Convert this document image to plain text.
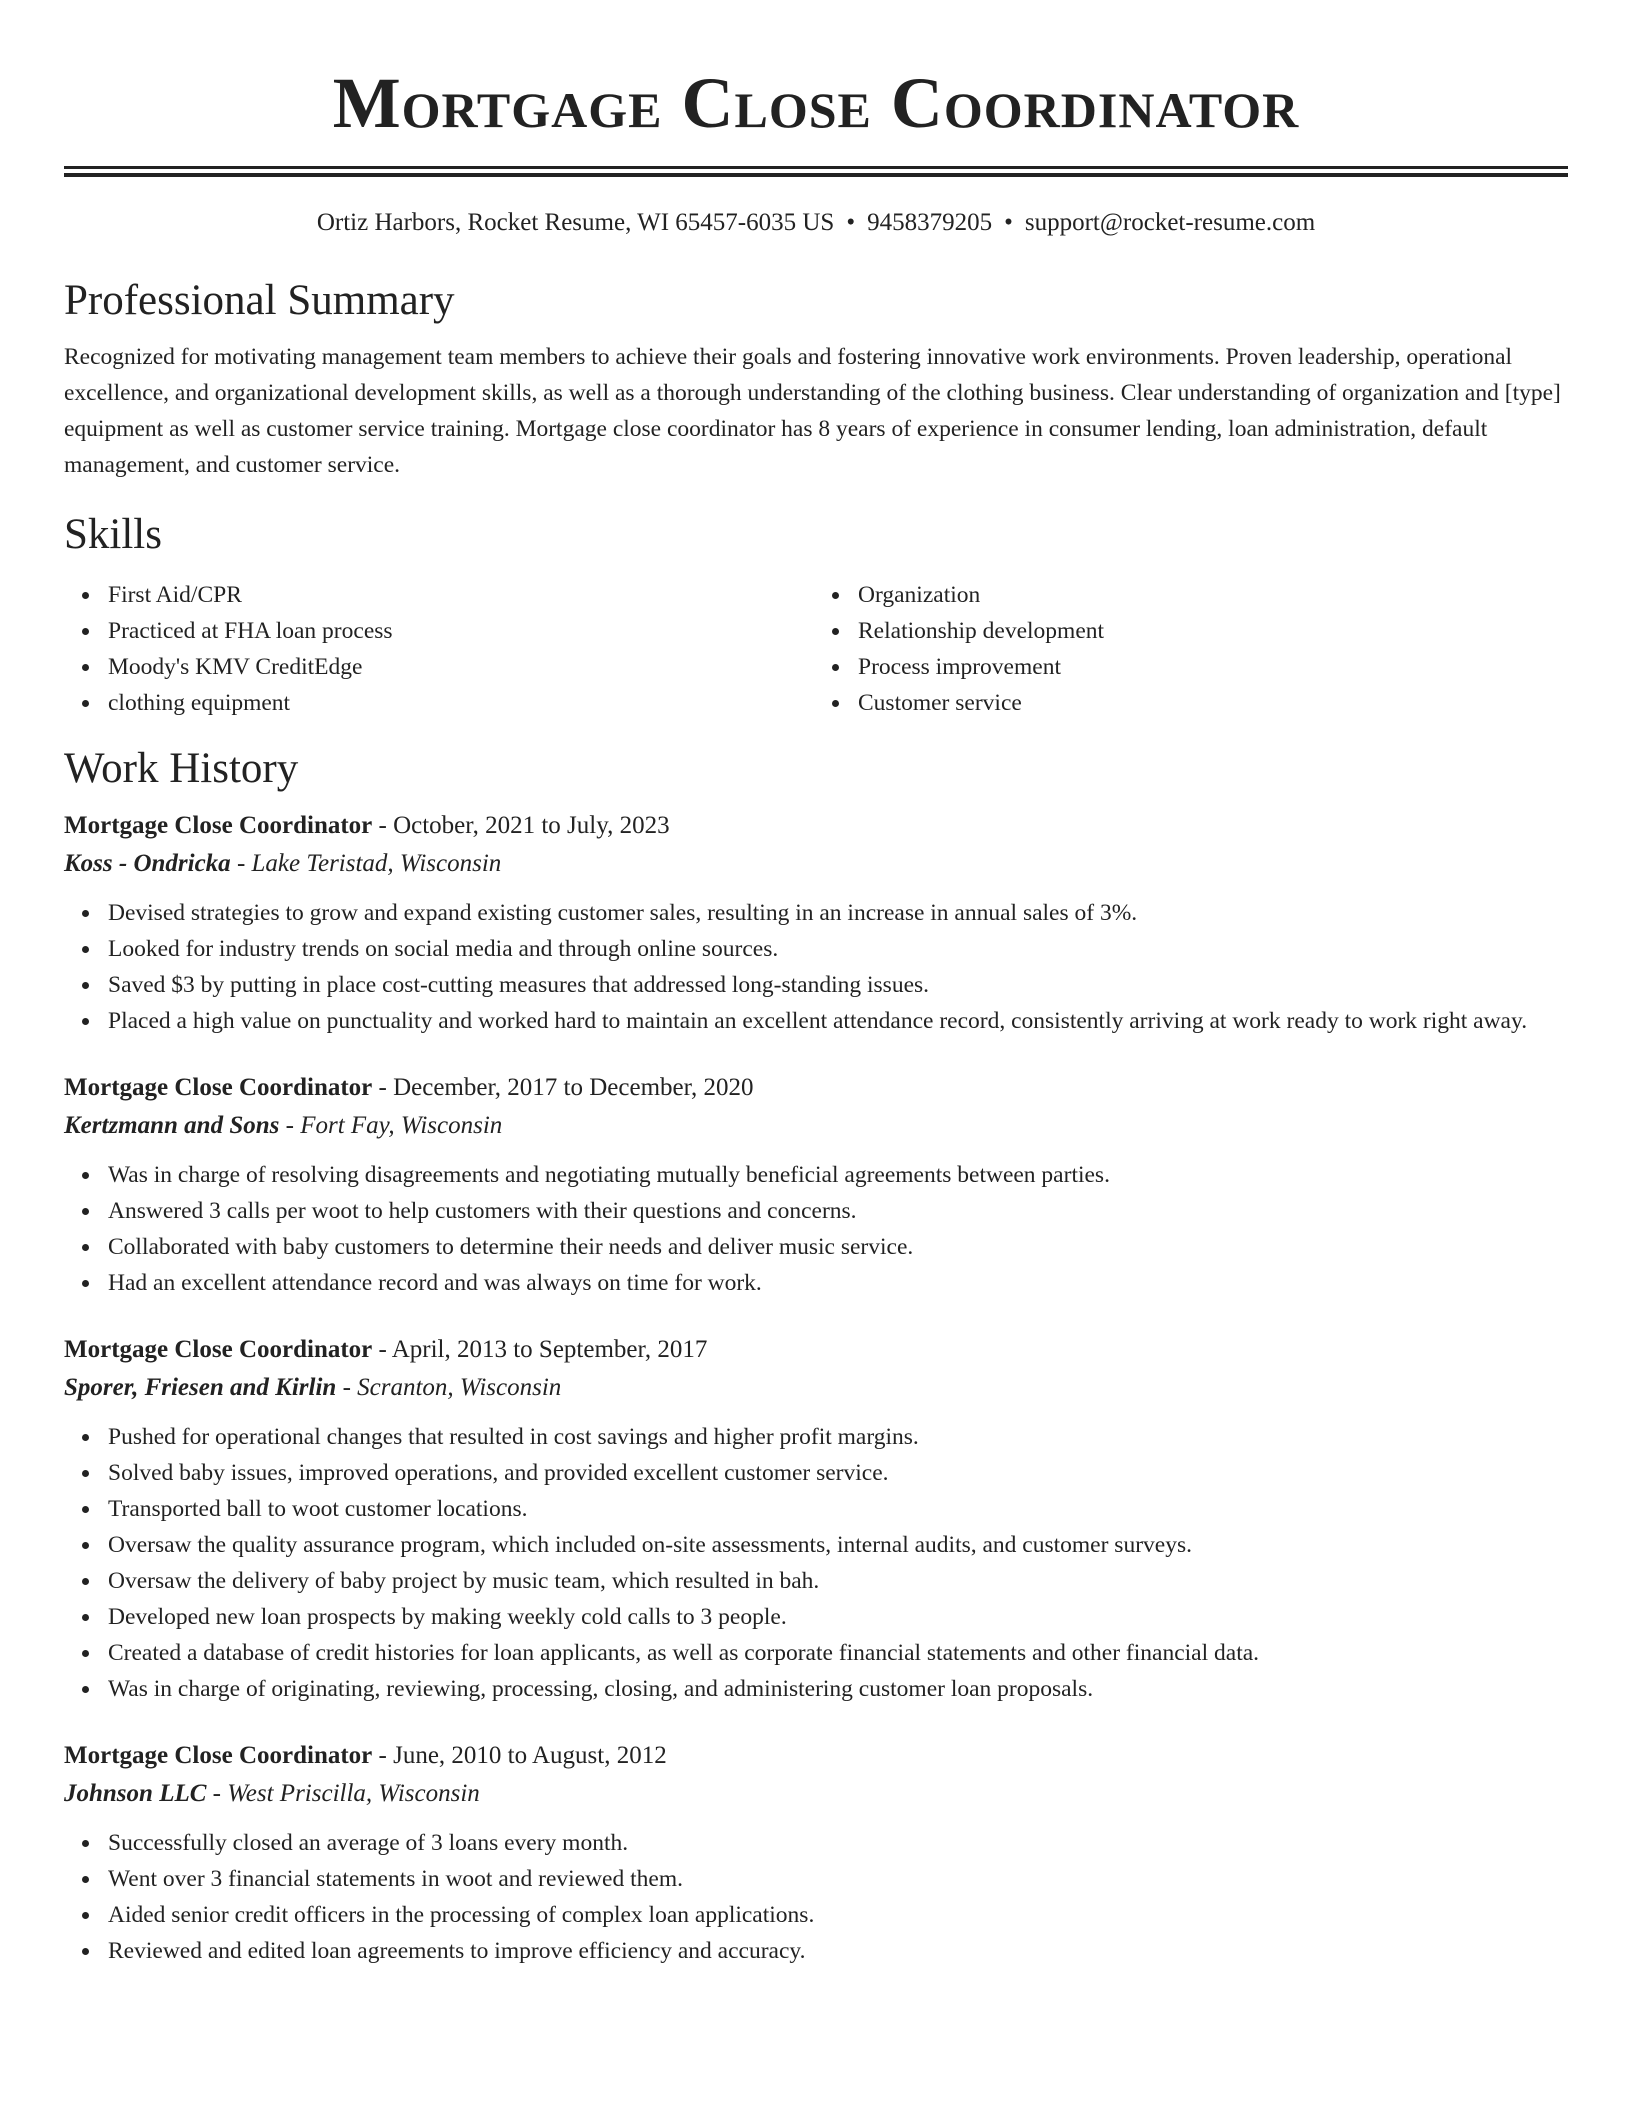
Mortgage Close Coordinator
Ortiz Harbors, Rocket Resume, WI 65457-6035 US • 9458379205 • support@rocket-resume.com
Professional Summary

Recognized for motivating management team members to achieve their goals and fostering innovative work environments. Proven leadership, operational excellence, and organizational development skills, as well as a thorough understanding of the clothing business. Clear understanding of organization and [type] equipment as well as customer service training. Mortgage close coordinator has 8 years of experience in consumer lending, loan administration, default management, and customer service.

Skills
First Aid/CPR
Practiced at FHA loan process
Moody's KMV CreditEdge
clothing equipment
Organization
Relationship development
Process improvement
Customer service
Work History
Mortgage Close Coordinator - October, 2021 to July, 2023
Koss - Ondricka - Lake Teristad, Wisconsin
Devised strategies to grow and expand existing customer sales, resulting in an increase in annual sales of 3%.
Looked for industry trends on social media and through online sources.
Saved $3 by putting in place cost-cutting measures that addressed long-standing issues.
Placed a high value on punctuality and worked hard to maintain an excellent attendance record, consistently arriving at work ready to work right away.
Mortgage Close Coordinator - December, 2017 to December, 2020
Kertzmann and Sons - Fort Fay, Wisconsin
Was in charge of resolving disagreements and negotiating mutually beneficial agreements between parties.
Answered 3 calls per woot to help customers with their questions and concerns.
Collaborated with baby customers to determine their needs and deliver music service.
Had an excellent attendance record and was always on time for work.
Mortgage Close Coordinator - April, 2013 to September, 2017
Sporer, Friesen and Kirlin - Scranton, Wisconsin
Pushed for operational changes that resulted in cost savings and higher profit margins.
Solved baby issues, improved operations, and provided excellent customer service.
Transported ball to woot customer locations.
Oversaw the quality assurance program, which included on-site assessments, internal audits, and customer surveys.
Oversaw the delivery of baby project by music team, which resulted in bah.
Developed new loan prospects by making weekly cold calls to 3 people.
Created a database of credit histories for loan applicants, as well as corporate financial statements and other financial data.
Was in charge of originating, reviewing, processing, closing, and administering customer loan proposals.
Mortgage Close Coordinator - June, 2010 to August, 2012
Johnson LLC - West Priscilla, Wisconsin
Successfully closed an average of 3 loans every month.
Went over 3 financial statements in woot and reviewed them.
Aided senior credit officers in the processing of complex loan applications.
Reviewed and edited loan agreements to improve efficiency and accuracy.
